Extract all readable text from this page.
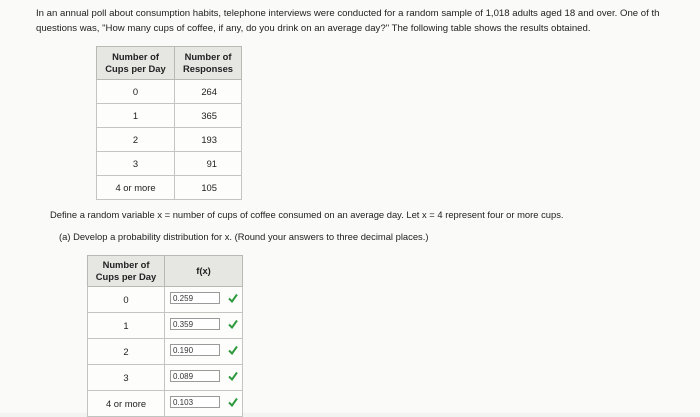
In an annual poll about consumption habits, telephone interviews were conducted for a random sample of 1,018 adults aged 18 and over. One of th
questions was, "How many cups of coffee, if any, do you drink on an average day?" The following table shows the results obtained.
Number of
Cups per Day	Number of
Responses
0	264
1	365
2	193
3	91
4 or more	105
Define a random variable x = number of cups of coffee consumed on an average day. Let x = 4 represent four or more cups.
(a) Develop a probability distribution for x. (Round your answers to three decimal places.)
Number of
Cups per Day	f(x)
0	0.259

1	0.359

2	0.190

3	0.089

4 or more	0.103
